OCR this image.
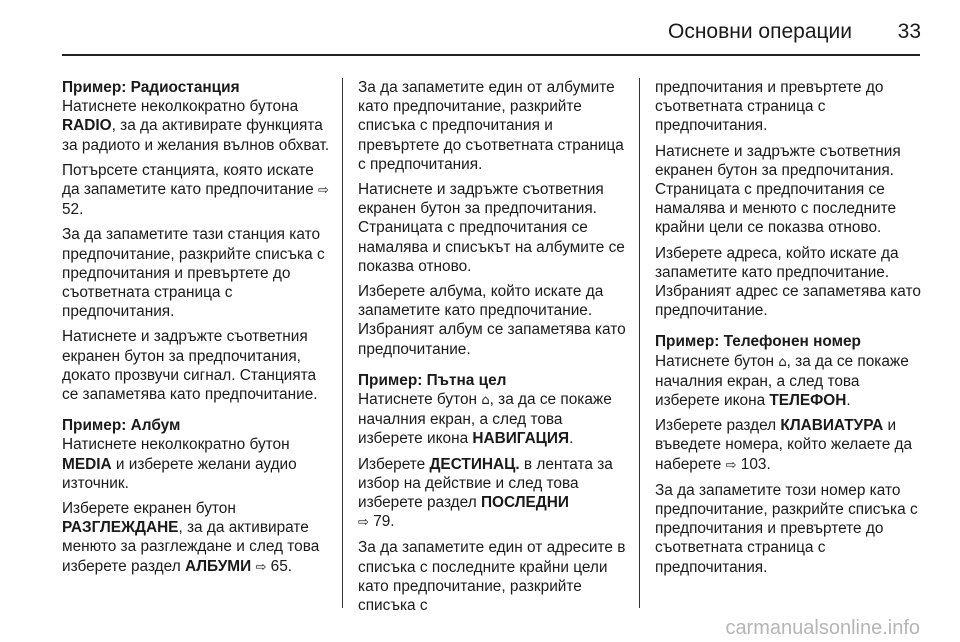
Основни операции 33
Пример: Радиостанция

Натиснете неколкократно бутона RADIO, за да активирате функцията за радиото и желания вълнов обхват.

Потърсете станцията, която искате да запаметите като предпочитание ⇨ 52.

За да запаметите тази станция като предпочитание, разкрийте списъка с предпочитания и превъртете до съответната страница с предпочитания.

Натиснете и задръжте съответния екранен бутон за предпочитания, докато прозвучи сигнал. Станцията се запаметява като предпочитание.

Пример: Албум

Натиснете неколкократно бутон MEDIA и изберете желани аудио източник.

Изберете екранен бутон РАЗГЛЕЖДАНЕ, за да активирате менюто за разглеждане и след това изберете раздел АЛБУМИ ⇨ 65.

За да запаметите един от албумите като предпочитание, разкрийте списъка с предпочитания и превъртете до съответната страница с предпочитания.

Натиснете и задръжте съответния екранен бутон за предпочитания. Страницата с предпочитания се намалява и списъкът на албумите се показва отново.

Изберете албума, който искате да запаметите като предпочитание. Избраният албум се запаметява като предпочитание.

Пример: Пътна цел

Натиснете бутон ⌂, за да се покаже началния екран, а след това изберете икона НАВИГАЦИЯ.

Изберете ДЕСТИНАЦ. в лентата за избор на действие и след това изберете раздел ПОСЛЕДНИ
⇨ 79.

За да запаметите един от адресите в списъка с последните крайни цели като предпочитание, разкрийте списъка с

предпочитания и превъртете до съответната страница с предпочитания.

Натиснете и задръжте съответния екранен бутон за предпочитания. Страницата с предпочитания се намалява и менюто с последните крайни цели се показва отново.

Изберете адреса, който искате да запаметите като предпочитание. Избраният адрес се запаметява като предпочитание.

Пример: Телефонен номер

Натиснете бутон ⌂, за да се покаже началния екран, а след това изберете икона ТЕЛЕФОН.

Изберете раздел КЛАВИАТУРА и въведете номера, който желаете да наберете ⇨ 103.

За да запаметите този номер като предпочитание, разкрийте списъка с предпочитания и превъртете до съответната страница с предпочитания.

carmanualsonline.info
